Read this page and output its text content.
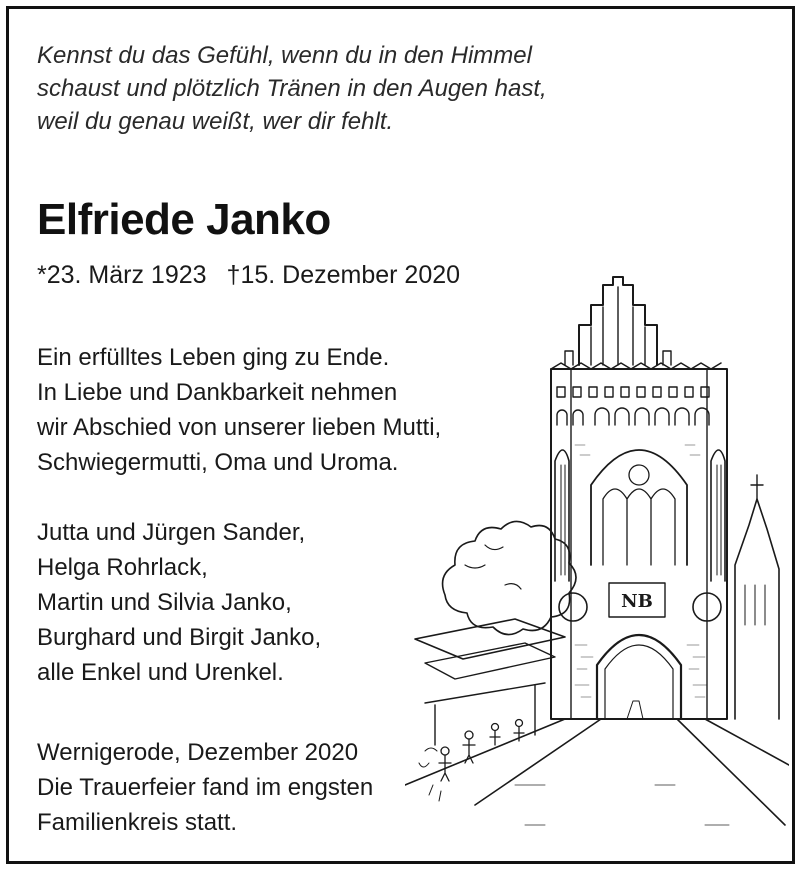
Kennst du das Gefühl, wenn du in den Himmel
schaust und plötzlich Tränen in den Augen hast,
weil du genau weißt, wer dir fehlt.
Elfriede Janko
*23. März 1923 †15. Dezember 2020
Ein erfülltes Leben ging zu Ende.
In Liebe und Dankbarkeit nehmen
wir Abschied von unserer lieben Mutti,
Schwiegermutti, Oma und Uroma.
Jutta und Jürgen Sander,
Helga Rohrlack,
Martin und Silvia Janko,
Burghard und Birgit Janko,
alle Enkel und Urenkel.
Wernigerode, Dezember 2020
Die Trauerfeier fand im engsten
Familienkreis statt.
NB
